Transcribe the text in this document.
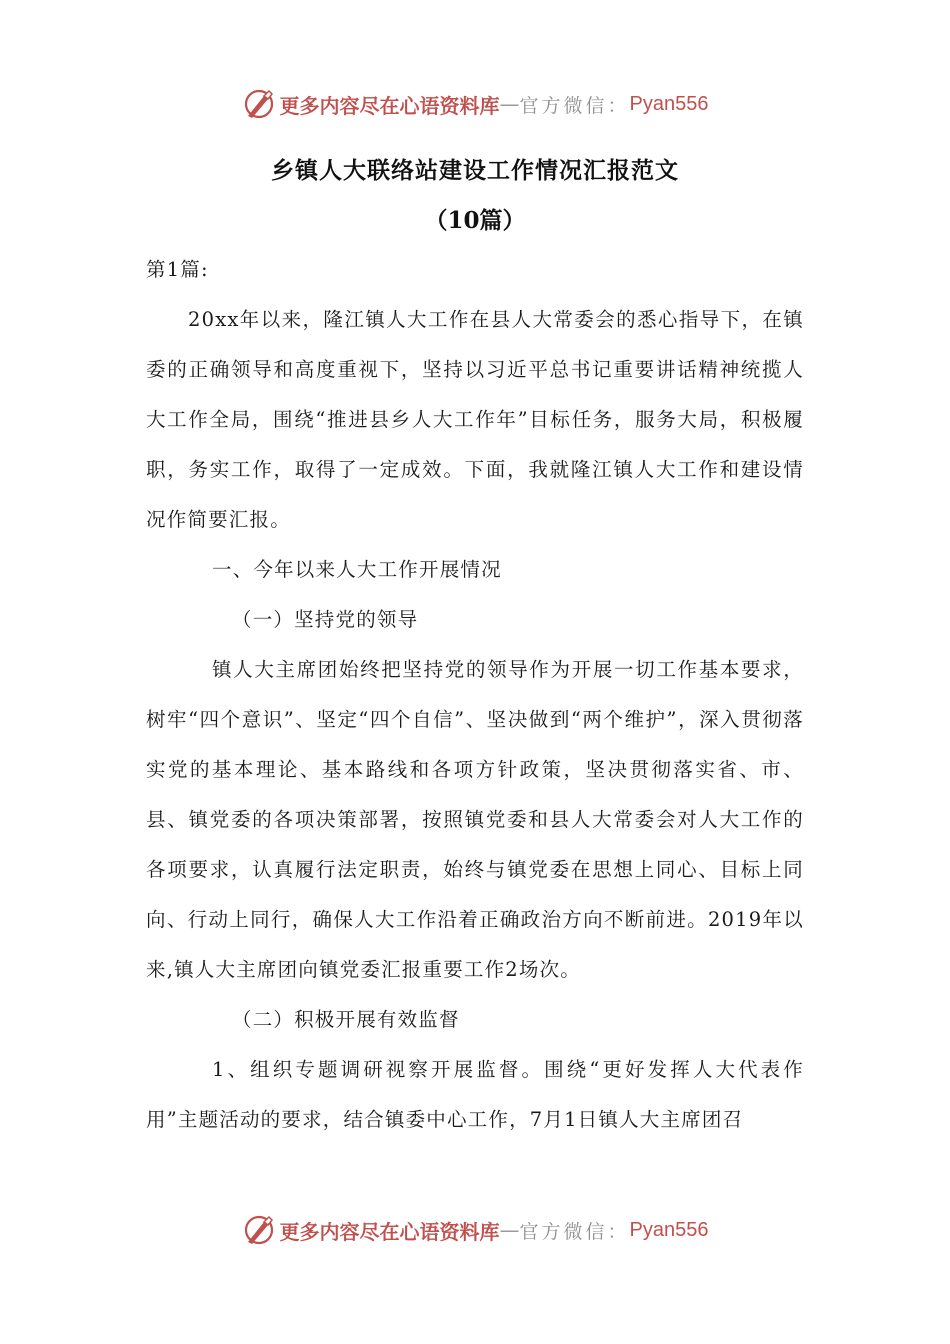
更多内容尽在心语资料库 — 官方微信： Pyan556
乡镇人大联络站建设工作情况汇报范文
（10篇）

第1篇:

20xx年以来，隆江镇人大工作在县人大常委会的悉心指导下，在镇委的正确领导和高度重视下，坚持以习近平总书记重要讲话精神统揽人大工作全局，围绕“推进县乡人大工作年”目标任务，服务大局，积极履职，务实工作，取得了一定成效。下面，我就隆江镇人大工作和建设情况作简要汇报。

一、今年以来人大工作开展情况

（一）坚持党的领导

镇人大主席团始终把坚持党的领导作为开展一切工作基本要求，树牢“四个意识”、坚定“四个自信”、坚决做到“两个维护”，深入贯彻落实党的基本理论、基本路线和各项方针政策，坚决贯彻落实省、市、县、镇党委的各项决策部署，按照镇党委和县人大常委会对人大工作的各项要求，认真履行法定职责，始终与镇党委在思想上同心、目标上同向、行动上同行，确保人大工作沿着正确政治方向不断前进。2019年以来,镇人大主席团向镇党委汇报重要工作2场次。

（二）积极开展有效监督

1、组织专题调研视察开展监督。围绕“更好发挥人大代表作用”主题活动的要求，结合镇委中心工作，7月1日镇人大主席团召

更多内容尽在心语资料库 — 官方微信： Pyan556
